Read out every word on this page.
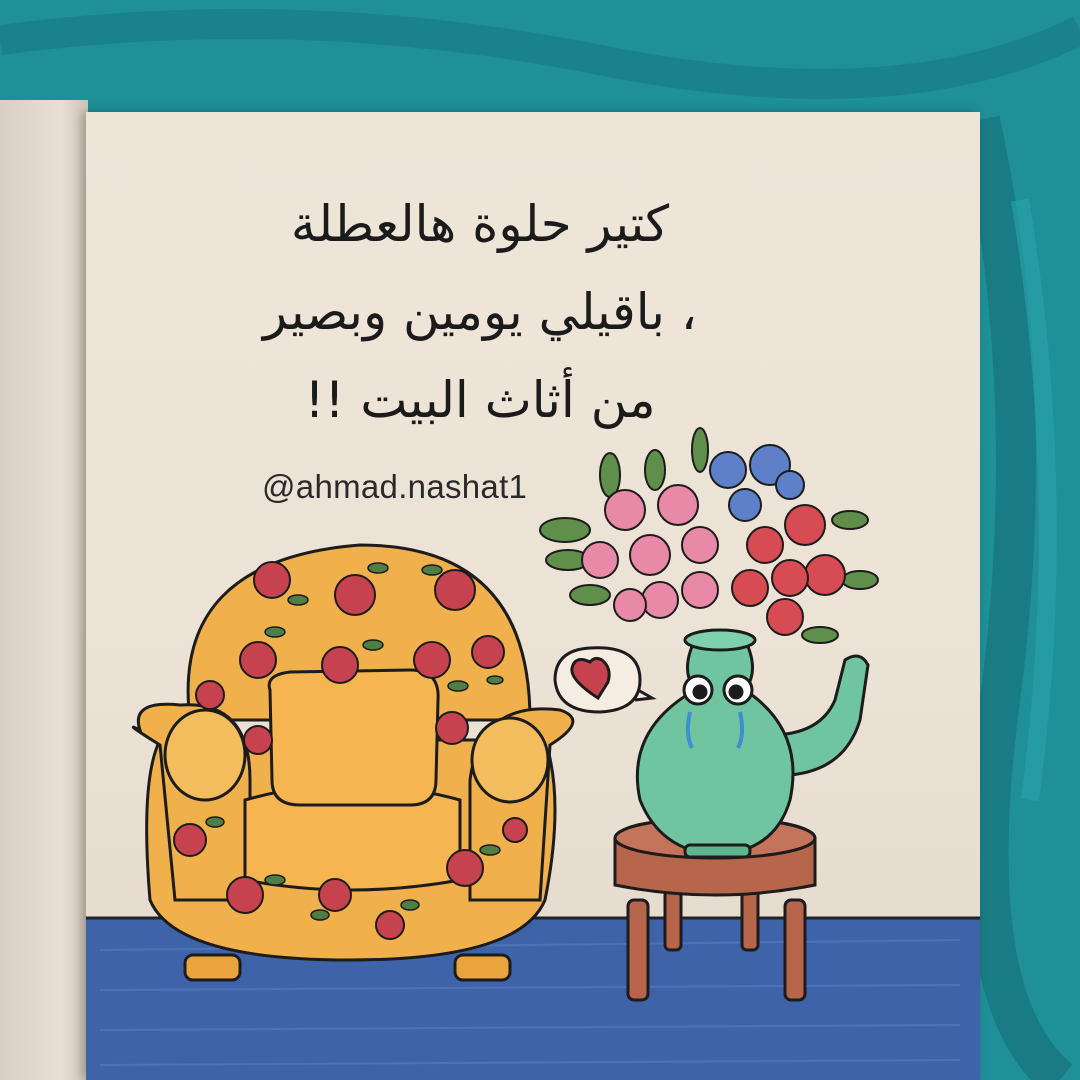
كتير حلوة هالعطلة
، باقيلي يومين وبصير
من أثاث البيت !!
@ahmad.nashat1
